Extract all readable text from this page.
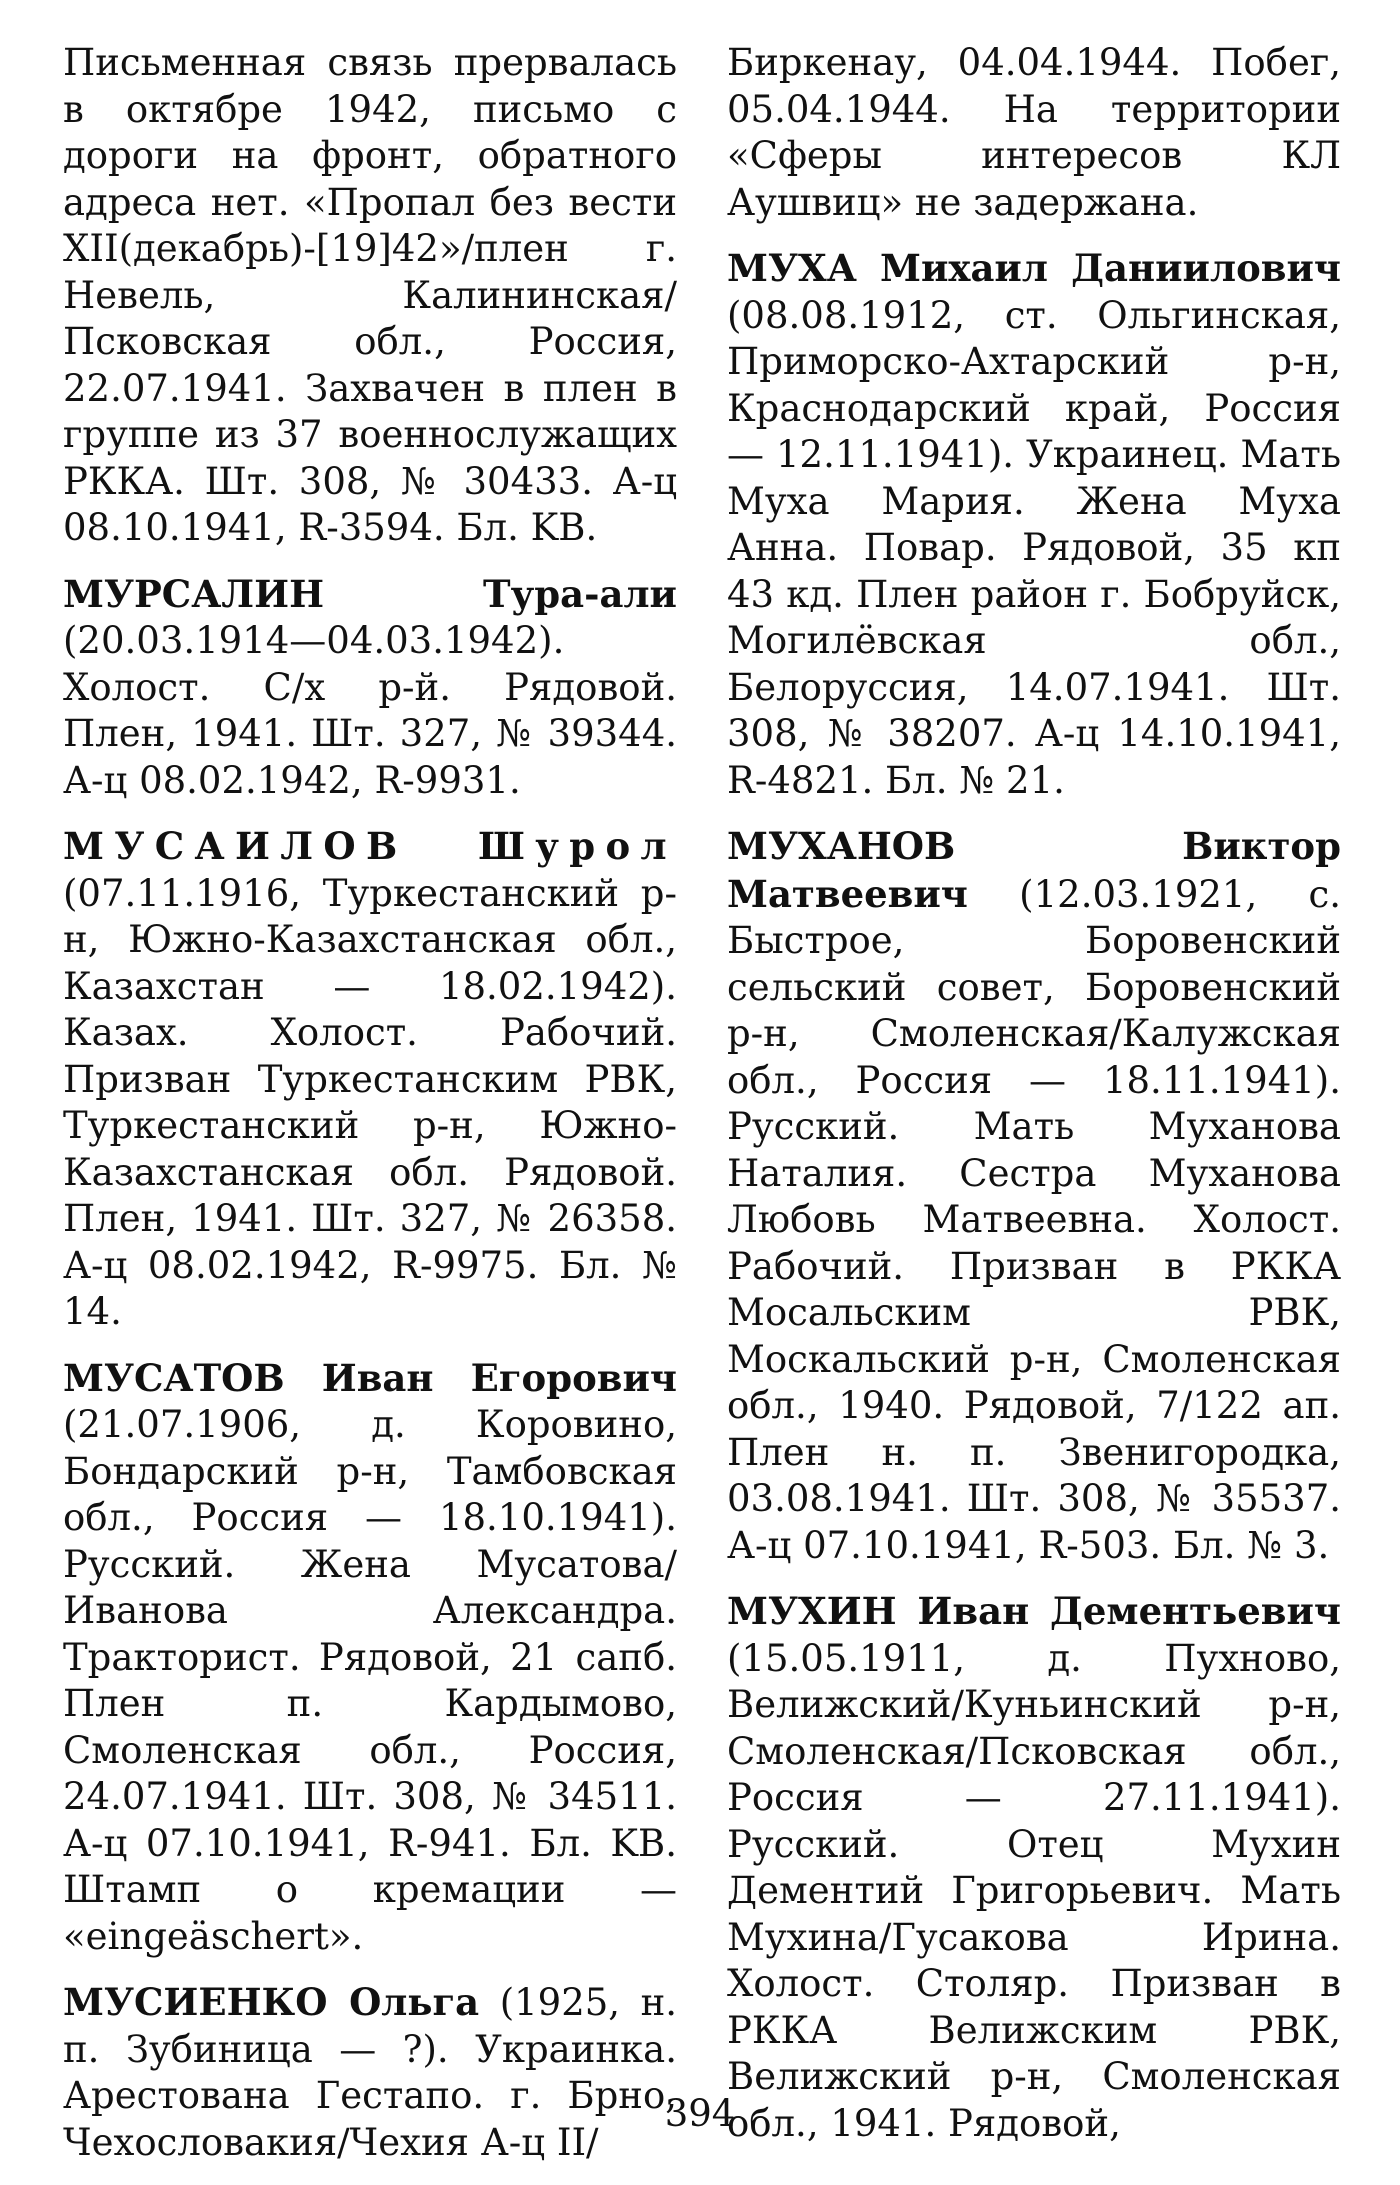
Письменная связь прервалась в октябре 1942, письмо с дороги на фронт, обратного адреса нет. «Пропал без вести XII(декабрь)-[19]42»/плен г. Невель, Калининская/Псковская обл., Россия, 22.07.1941. Захвачен в плен в группе из 37 военнослужащих РККА. Шт. 308, № 30433. А-ц 08.10.1941, R-3594. Бл. KB.

МУРСАЛИН Тура-али (20.03.1914—04.03.1942). Холост. С/х р-й. Рядовой. Плен, 1941. Шт. 327, № 39344. А-ц 08.02.1942, R-9931.

МУСАИЛОВ Шурол (07.11.1916, Туркестанский р-н, Южно-Казахстанская обл., Казахстан — 18.02.1942). Казах. Холост. Рабочий. Призван Туркестанским РВК, Туркестанский р-н, Южно-Казахстанская обл. Рядовой. Плен, 1941. Шт. 327, № 26358. А-ц 08.02.1942, R-9975. Бл. № 14.

МУСАТОВ Иван Егорович (21.07.1906, д. Коровино, Бондарский р-н, Тамбовская обл., Россия — 18.10.1941). Русский. Жена Мусатова/Иванова Александра. Тракторист. Рядовой, 21 сапб. Плен п. Кардымово, Смоленская обл., Россия, 24.07.1941. Шт. 308, № 34511. А-ц 07.10.1941, R-941. Бл. KB. Штамп о кремации — «eingeäschert».

МУСИЕНКО Ольга (1925, н. п. Зубиница — ?). Украинка. Арестована Гестапо. г. Брно, Чехословакия/Чехия А-ц II/

Биркенау, 04.04.1944. Побег, 05.04.1944. На территории «Сферы интересов КЛ Аушвиц» не задержана.

МУХА Михаил Даниилович (08.08.1912, ст. Ольгинская, Приморско-Ахтарский р-н, Краснодарский край, Россия — 12.11.1941). Украинец. Мать Муха Мария. Жена Муха Анна. Повар. Рядовой, 35 кп 43 кд. Плен район г. Бобруйск, Могилёвская обл., Белоруссия, 14.07.1941. Шт. 308, № 38207. А-ц 14.10.1941, R-4821. Бл. № 21.

МУХАНОВ Виктор Матвеевич (12.03.1921, с. Быстрое, Боровенский сельский совет, Боровенский р-н, Смоленская/Калужская обл., Россия — 18.11.1941). Русский. Мать Муханова Наталия. Сестра Муханова Любовь Матвеевна. Холост. Рабочий. Призван в РККА Мосальским РВК, Москальский р-н, Смоленская обл., 1940. Рядовой, 7/122 ап. Плен н. п. Звенигородка, 03.08.1941. Шт. 308, № 35537. А-ц 07.10.1941, R-503. Бл. № 3.

МУХИН Иван Дементьевич (15.05.1911, д. Пухново, Велижский/Куньинский р-н, Смоленская/Псковская обл., Россия — 27.11.1941). Русский. Отец Мухин Дементий Григорьевич. Мать Мухина/Гусакова Ирина. Холост. Столяр. Призван в РККА Велижским РВК, Велижский р-н, Смоленская обл., 1941. Рядовой,

394
